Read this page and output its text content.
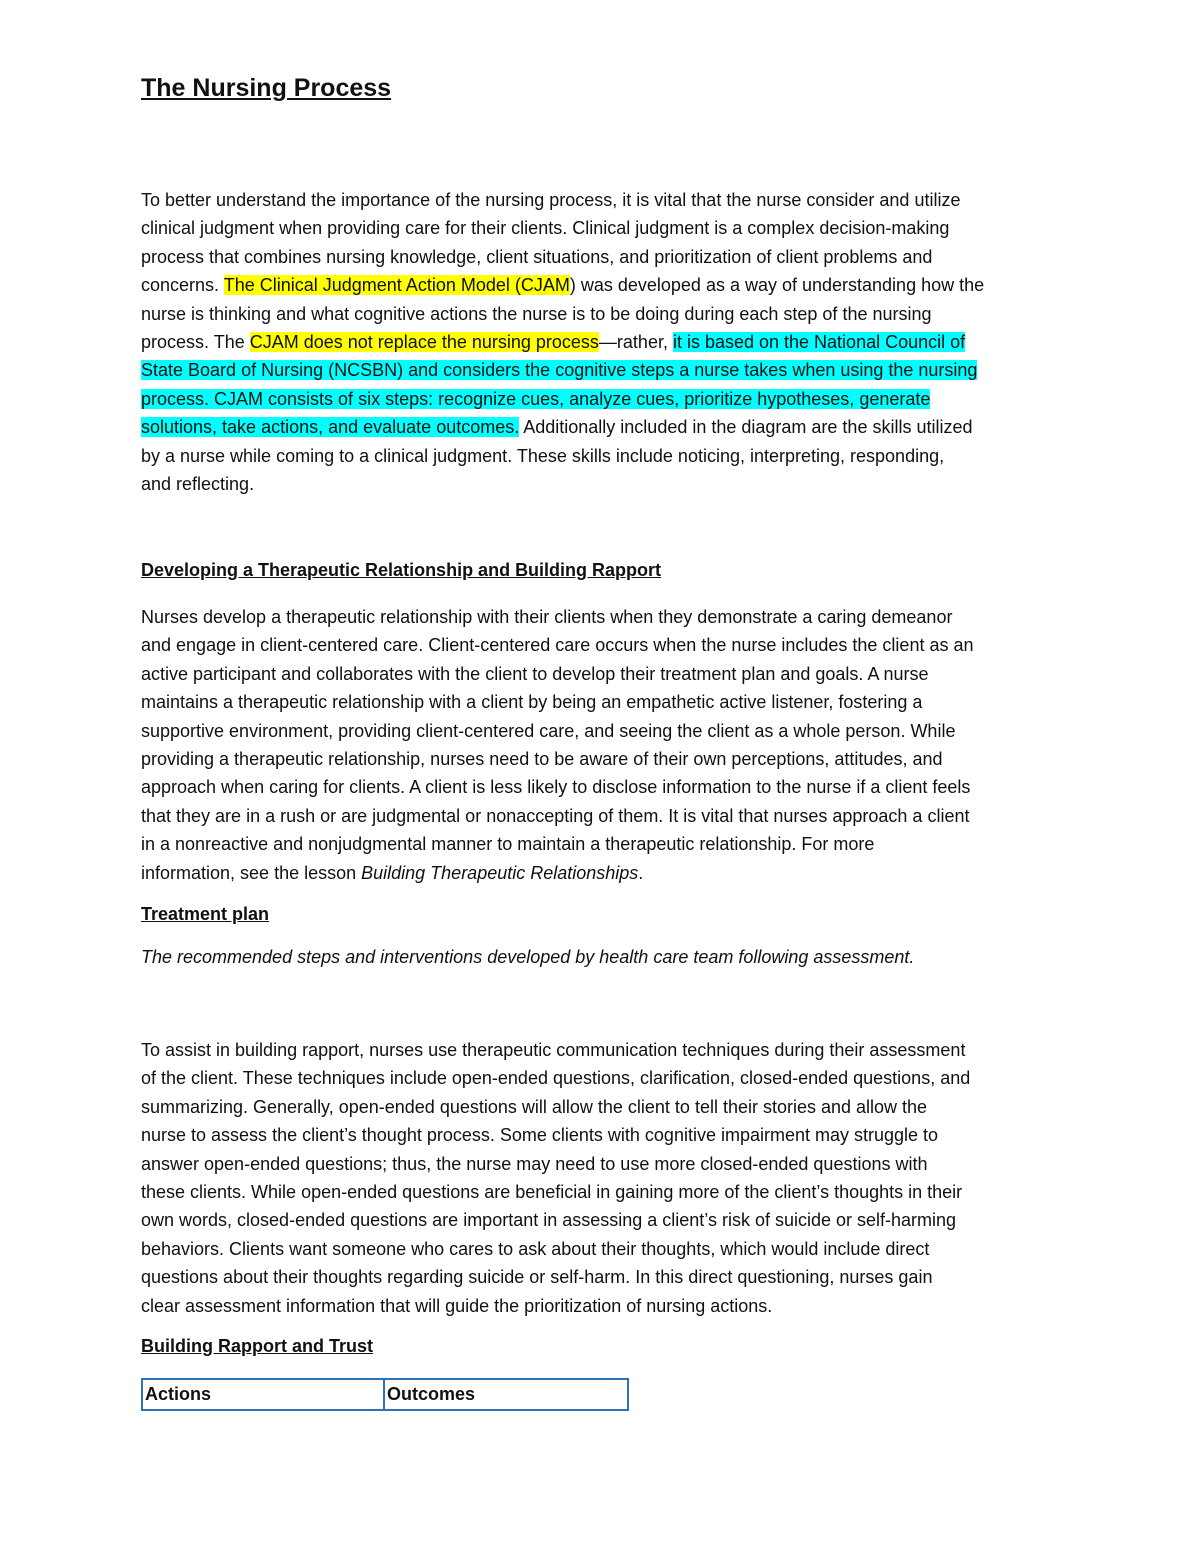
The Nursing Process

To better understand the importance of the nursing process, it is vital that the nurse consider and utilize
clinical judgment when providing care for their clients. Clinical judgment is a complex decision-making
process that combines nursing knowledge, client situations, and prioritization of client problems and
concerns. The Clinical Judgment Action Model (CJAM) was developed as a way of understanding how the
nurse is thinking and what cognitive actions the nurse is to be doing during each step of the nursing
process. The CJAM does not replace the nursing process—rather, it is based on the National Council of
State Board of Nursing (NCSBN) and considers the cognitive steps a nurse takes when using the nursing
process. CJAM consists of six steps: recognize cues, analyze cues, prioritize hypotheses, generate
solutions, take actions, and evaluate outcomes. Additionally included in the diagram are the skills utilized
by a nurse while coming to a clinical judgment. These skills include noticing, interpreting, responding,
and reflecting.

Developing a Therapeutic Relationship and Building Rapport

Nurses develop a therapeutic relationship with their clients when they demonstrate a caring demeanor
and engage in client-centered care. Client-centered care occurs when the nurse includes the client as an
active participant and collaborates with the client to develop their treatment plan and goals. A nurse
maintains a therapeutic relationship with a client by being an empathetic active listener, fostering a
supportive environment, providing client-centered care, and seeing the client as a whole person. While
providing a therapeutic relationship, nurses need to be aware of their own perceptions, attitudes, and
approach when caring for clients. A client is less likely to disclose information to the nurse if a client feels
that they are in a rush or are judgmental or nonaccepting of them. It is vital that nurses approach a client
in a nonreactive and nonjudgmental manner to maintain a therapeutic relationship. For more
information, see the lesson Building Therapeutic Relationships.

Treatment plan

The recommended steps and interventions developed by health care team following assessment.

To assist in building rapport, nurses use therapeutic communication techniques during their assessment
of the client. These techniques include open-ended questions, clarification, closed-ended questions, and
summarizing. Generally, open-ended questions will allow the client to tell their stories and allow the
nurse to assess the client’s thought process. Some clients with cognitive impairment may struggle to
answer open-ended questions; thus, the nurse may need to use more closed-ended questions with
these clients. While open-ended questions are beneficial in gaining more of the client’s thoughts in their
own words, closed-ended questions are important in assessing a client’s risk of suicide or self-harming
behaviors. Clients want someone who cares to ask about their thoughts, which would include direct
questions about their thoughts regarding suicide or self-harm. In this direct questioning, nurses gain
clear assessment information that will guide the prioritization of nursing actions.

Building Rapport and Trust
Actions	Outcomes
